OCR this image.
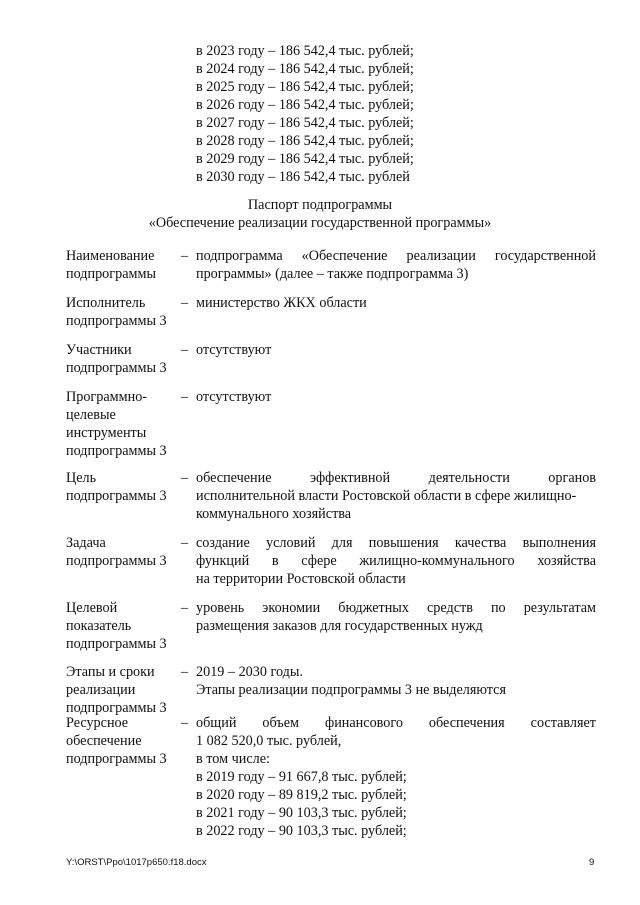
в 2023 году – 186 542,4 тыс. рублей;
в 2024 году – 186 542,4 тыс. рублей;
в 2025 году – 186 542,4 тыс. рублей;
в 2026 году – 186 542,4 тыс. рублей;
в 2027 году – 186 542,4 тыс. рублей;
в 2028 году – 186 542,4 тыс. рублей;
в 2029 году – 186 542,4 тыс. рублей;
в 2030 году – 186 542,4 тыс. рублей
Паспорт подпрограммы
«Обеспечение реализации государственной программы»
Наименование
подпрограммы
– подпрограмма «Обеспечение реализации государственной
программы» (далее – также подпрограмма 3)
Исполнитель
подпрограммы 3
– министерство ЖКХ области
Участники
подпрограммы 3
– отсутствуют
Программно-
целевые
инструменты
подпрограммы 3
– отсутствуют
Цель
подпрограммы 3
– обеспечение эффективной деятельности органов
исполнительной власти Ростовской области в сфере жилищно-
коммунального хозяйства
Задача
подпрограммы 3
– создание условий для повышения качества выполнения
функций в сфере жилищно-коммунального хозяйства
на территории Ростовской области
Целевой
показатель
подпрограммы 3
– уровень экономии бюджетных средств по результатам
размещения заказов для государственных нужд
Этапы и сроки
реализации
подпрограммы 3
– 2019 – 2030 годы.
Этапы реализации подпрограммы 3 не выделяются
Ресурсное
обеспечение
подпрограммы 3
– общий объем финансового обеспечения составляет
1 082 520,0 тыс. рублей,
в том числе:
в 2019 году – 91 667,8 тыс. рублей;
в 2020 году – 89 819,2 тыс. рублей;
в 2021 году – 90 103,3 тыс. рублей;
в 2022 году – 90 103,3 тыс. рублей;
Y:\ORST\Ppo\1017p650.f18.docx	9
